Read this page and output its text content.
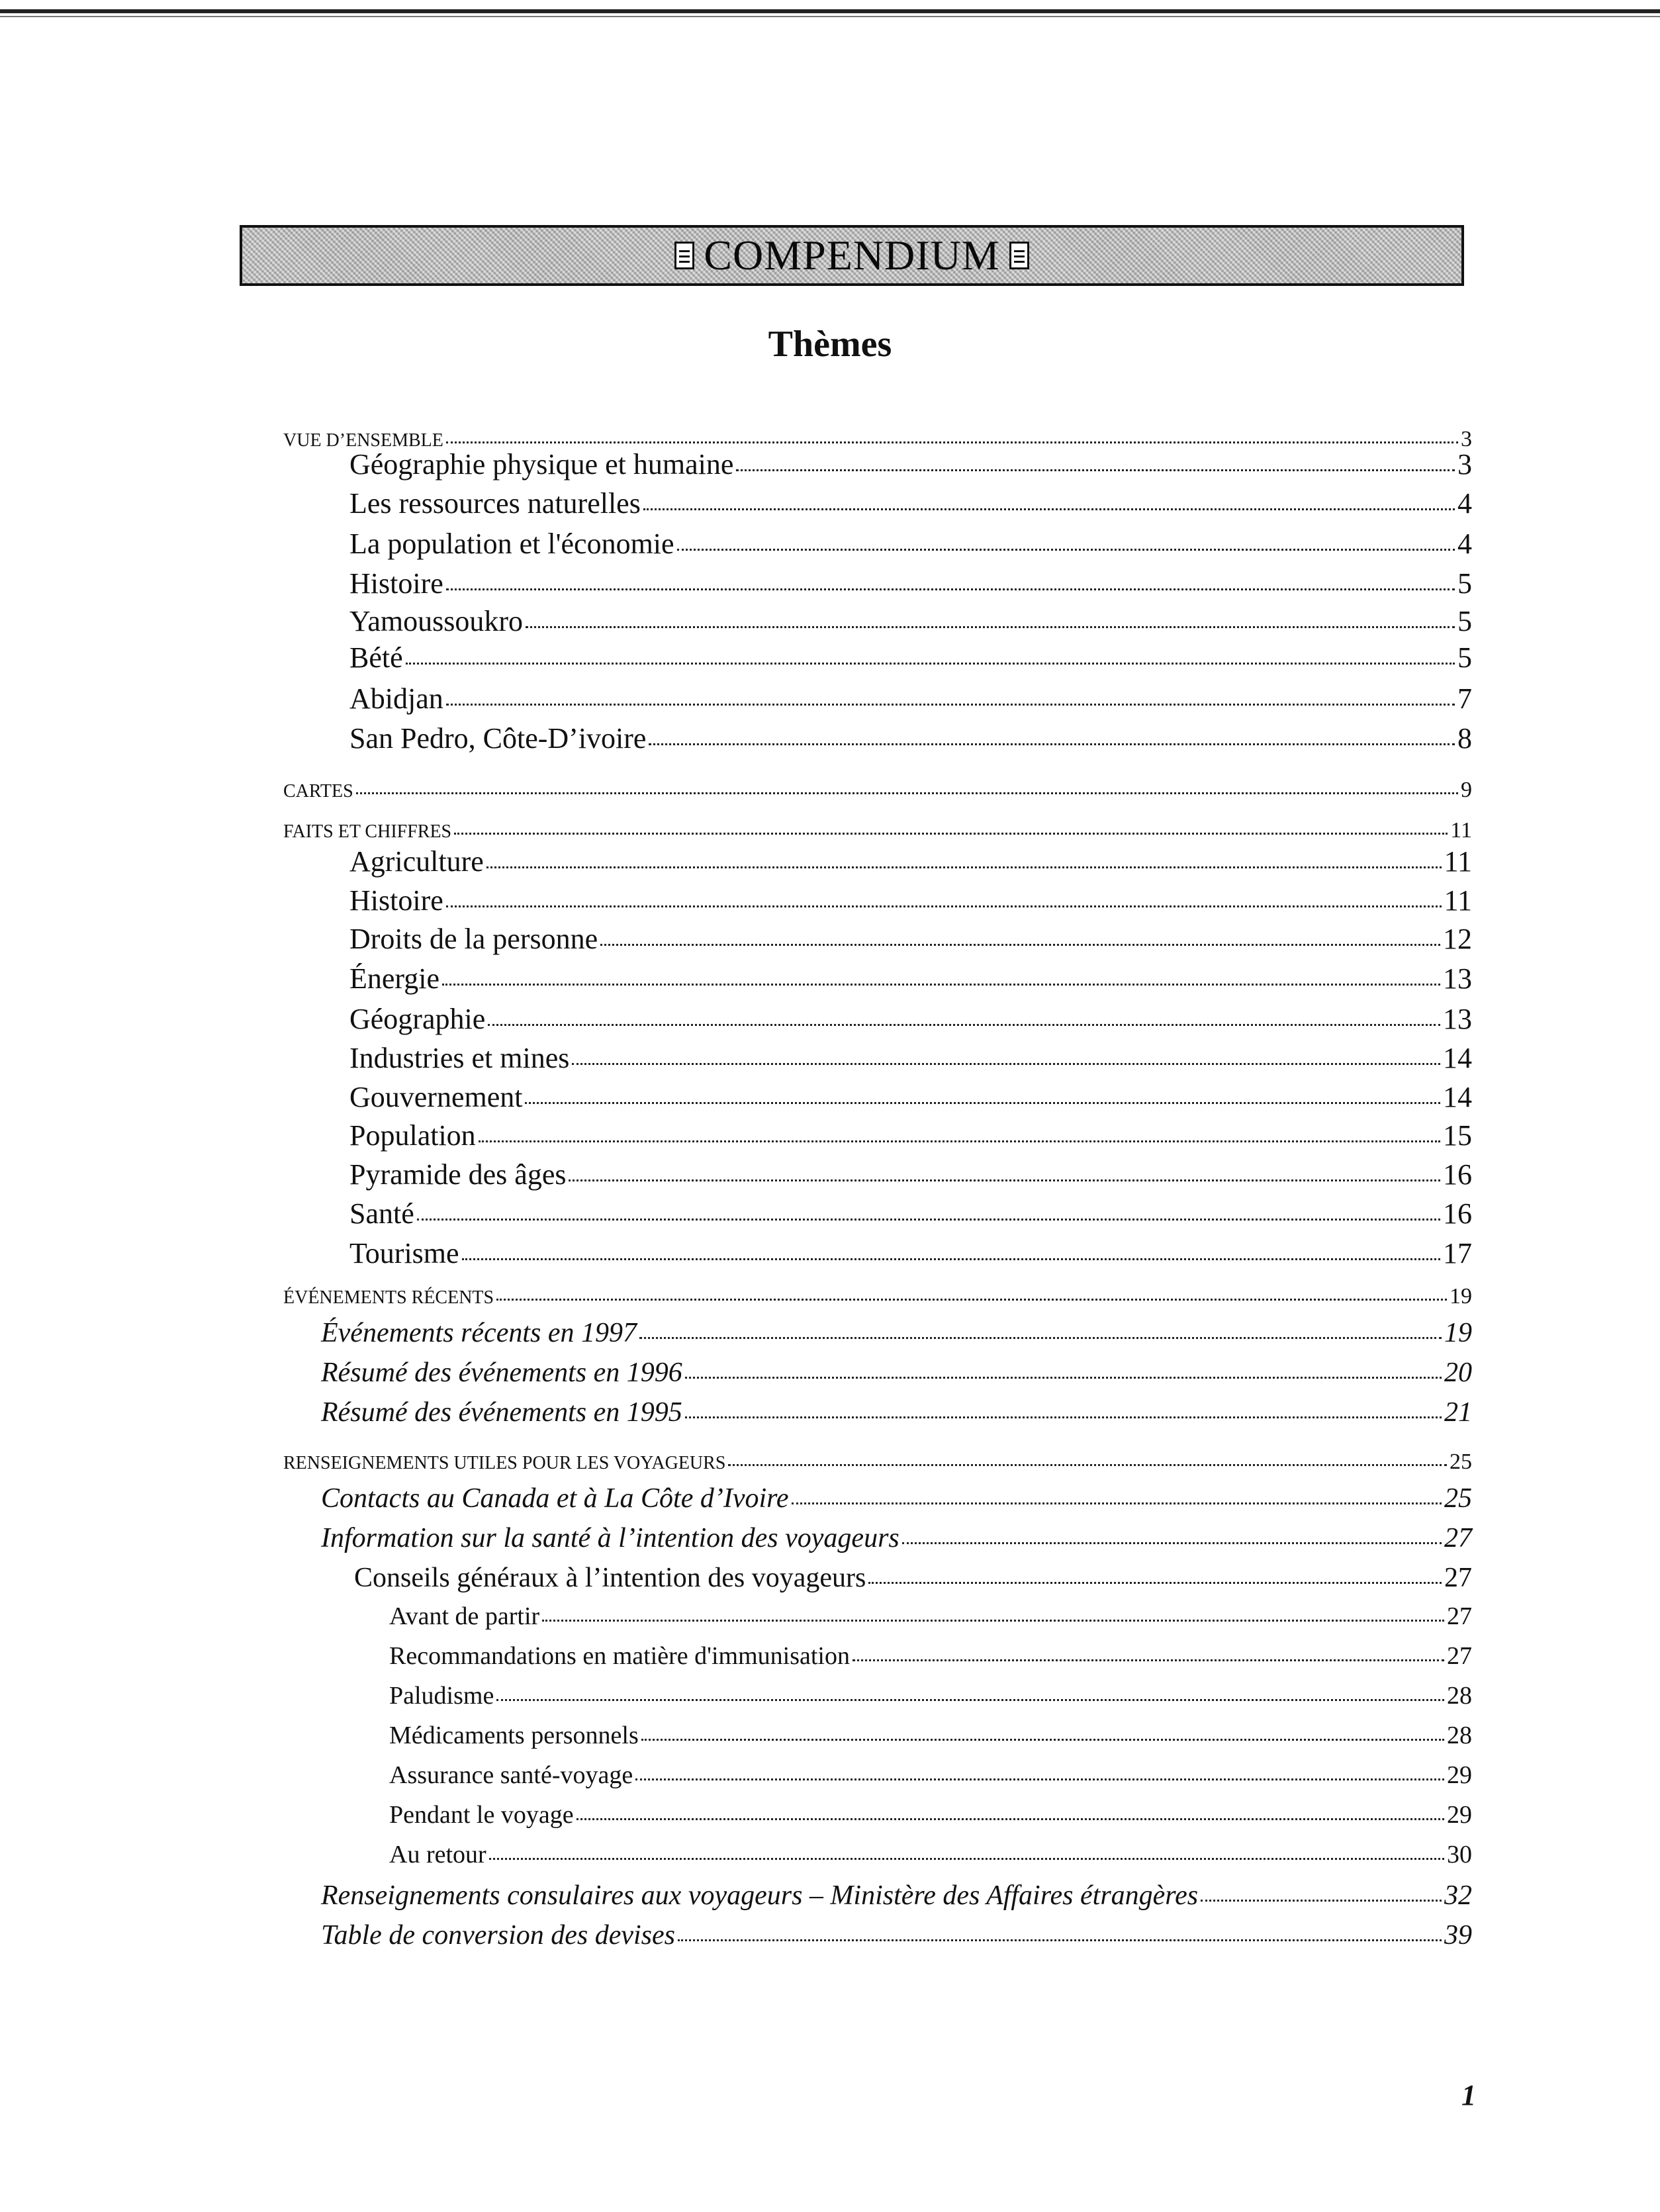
COMPENDIUM
Thèmes
VUE D’ENSEMBLE	3
Géographie physique et humaine	3
Les ressources naturelles	4
La population et l'économie	4
Histoire	5
Yamoussoukro	5
Bété	5
Abidjan	7
San Pedro, Côte-D’ivoire	8
CARTES	9
FAITS ET CHIFFRES	11
Agriculture	11
Histoire	11
Droits de la personne	12
Énergie	13
Géographie	13
Industries et mines	14
Gouvernement	14
Population	15
Pyramide des âges	16
Santé	16
Tourisme	17
ÉVÉNEMENTS RÉCENTS	19
Événements récents en 1997	19
Résumé des événements en 1996	20
Résumé des événements en 1995	21
RENSEIGNEMENTS UTILES POUR LES VOYAGEURS	25
Contacts au Canada et à La Côte d’Ivoire	25
Information sur la santé à l’intention des voyageurs	27
Conseils généraux à l’intention des voyageurs	27
Avant de partir	27
Recommandations en matière d'immunisation	27
Paludisme	28
Médicaments personnels	28
Assurance santé-voyage	29
Pendant le voyage	29
Au retour	30
Renseignements consulaires aux voyageurs – Ministère des Affaires étrangères	32
Table de conversion des devises	39
1
